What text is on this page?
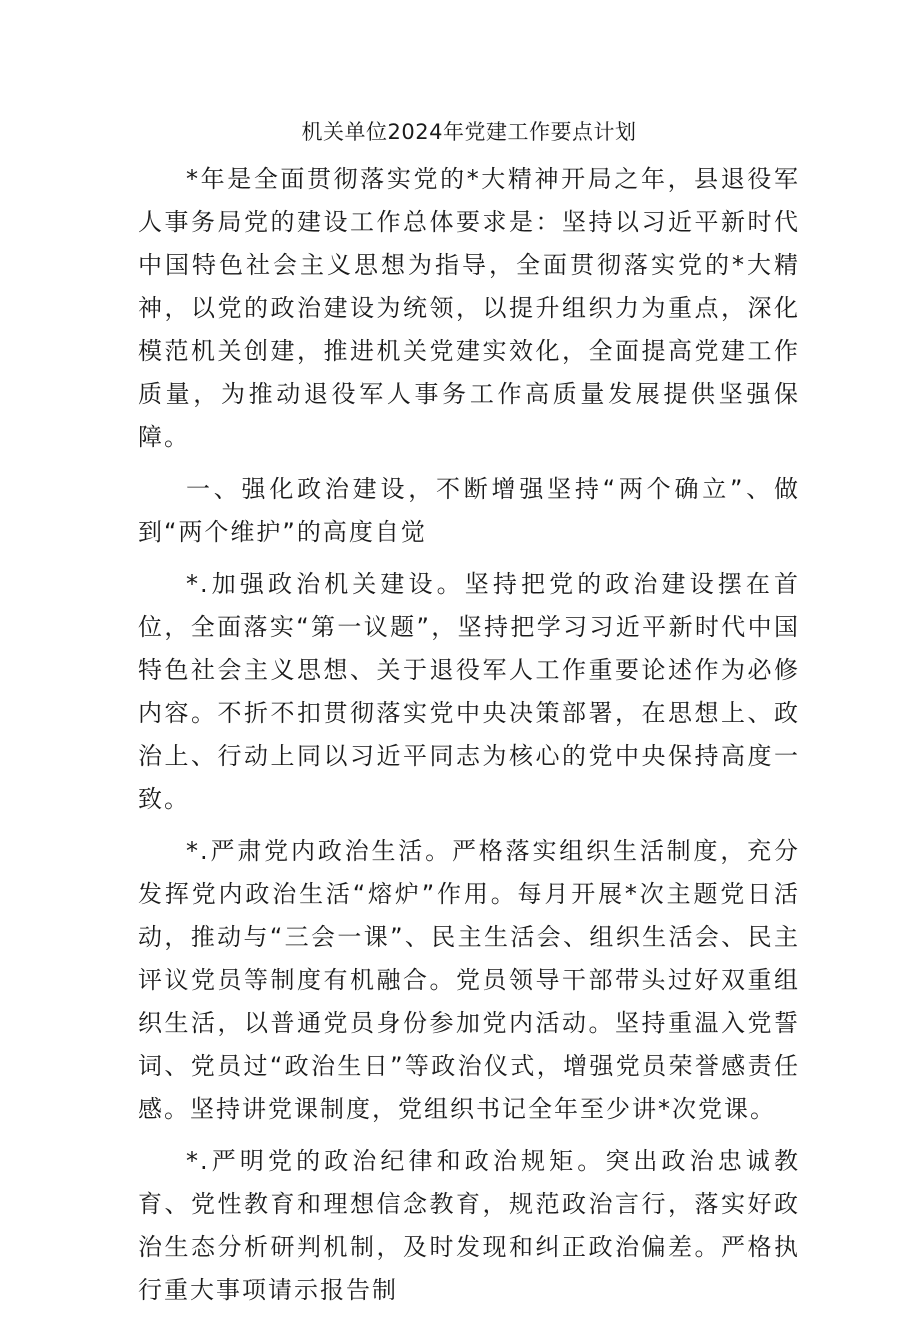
机关单位2024年党建工作要点计划

*年是全面贯彻落实党的*大精神开局之年，县退役军人事务局党的建设工作总体要求是：坚持以习近平新时代中国特色社会主义思想为指导，全面贯彻落实党的*大精神，以党的政治建设为统领，以提升组织力为重点，深化模范机关创建，推进机关党建实效化，全面提高党建工作质量，为推动退役军人事务工作高质量发展提供坚强保障。

一、强化政治建设，不断增强坚持“两个确立”、做到“两个维护”的高度自觉

*.加强政治机关建设。坚持把党的政治建设摆在首位，全面落实“第一议题”，坚持把学习习近平新时代中国特色社会主义思想、关于退役军人工作重要论述作为必修内容。不折不扣贯彻落实党中央决策部署，在思想上、政治上、行动上同以习近平同志为核心的党中央保持高度一致。

*.严肃党内政治生活。严格落实组织生活制度，充分发挥党内政治生活“熔炉”作用。每月开展*次主题党日活动，推动与“三会一课”、民主生活会、组织生活会、民主评议党员等制度有机融合。党员领导干部带头过好双重组织生活，以普通党员身份参加党内活动。坚持重温入党誓词、党员过“政治生日”等政治仪式，增强党员荣誉感责任感。坚持讲党课制度，党组织书记全年至少讲*次党课。

*.严明党的政治纪律和政治规矩。突出政治忠诚教育、党性教育和理想信念教育，规范政治言行，落实好政治生态分析研判机制，及时发现和纠正政治偏差。严格执行重大事项请示报告制
